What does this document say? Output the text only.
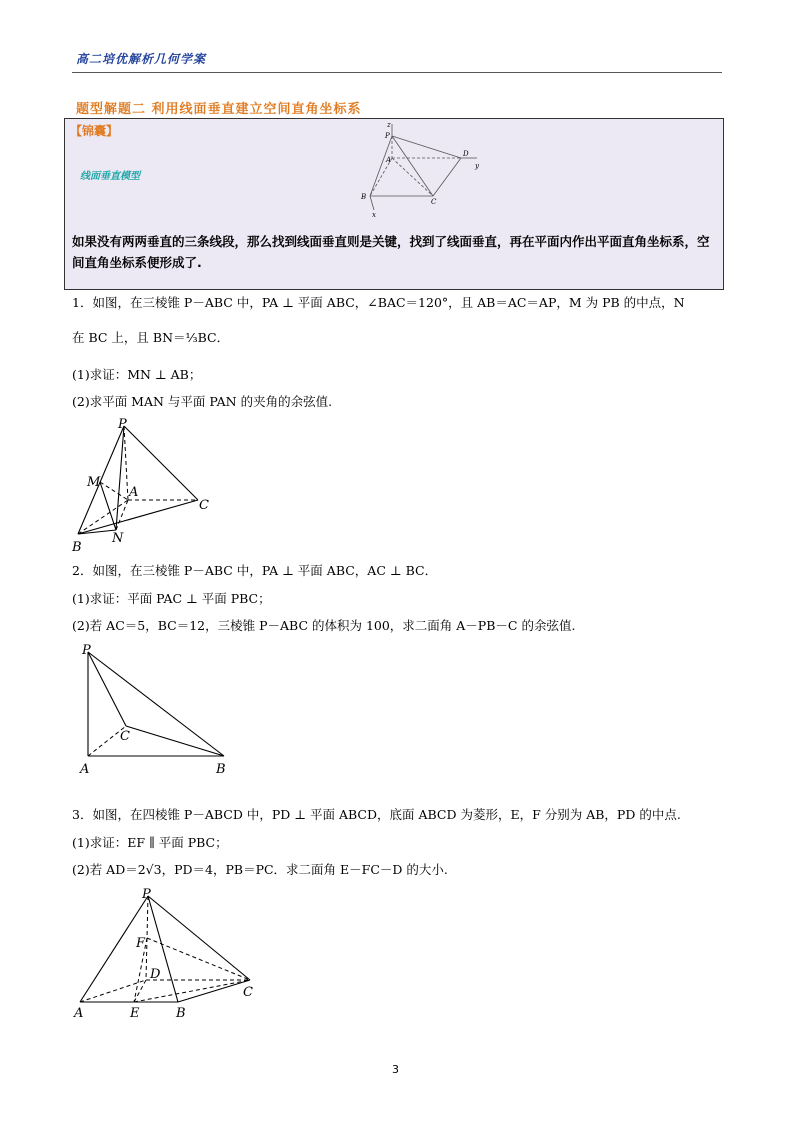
高二培优解析几何学案
题型解题二 利用线面垂直建立空间直角坐标系
【锦囊】
线面垂直模型
z
P
A
D
y
B
C
x
如果没有两两垂直的三条线段，那么找到线面垂直则是关键，找到了线面垂直，再在平面内作出平面直角坐标系，空间直角坐标系便形成了.
1．如图，在三棱锥 P－ABC 中，PA ⊥ 平面 ABC，∠BAC＝120°，且 AB＝AC＝AP，M 为 PB 的中点，N
在 BC 上，且 BN＝⅓BC．
(1)求证：MN ⊥ AB；
(2)求平面 MAN 与平面 PAN 的夹角的余弦值.
P
M
A
C
B
N
2．如图，在三棱锥 P－ABC 中，PA ⊥ 平面 ABC，AC ⊥ BC．
(1)求证：平面 PAC ⊥ 平面 PBC；
(2)若 AC＝5，BC＝12，三棱锥 P－ABC 的体积为 100，求二面角 A－PB－C 的余弦值.
P
C
A	B
3．如图，在四棱锥 P－ABCD 中，PD ⊥ 平面 ABCD，底面 ABCD 为菱形，E，F 分别为 AB，PD 的中点.
(1)求证：EF ∥ 平面 PBC；
(2)若 AD＝2√3，PD＝4，PB＝PC．求二面角 E－FC－D 的大小.
P
F
D
C
A	E	B
3
